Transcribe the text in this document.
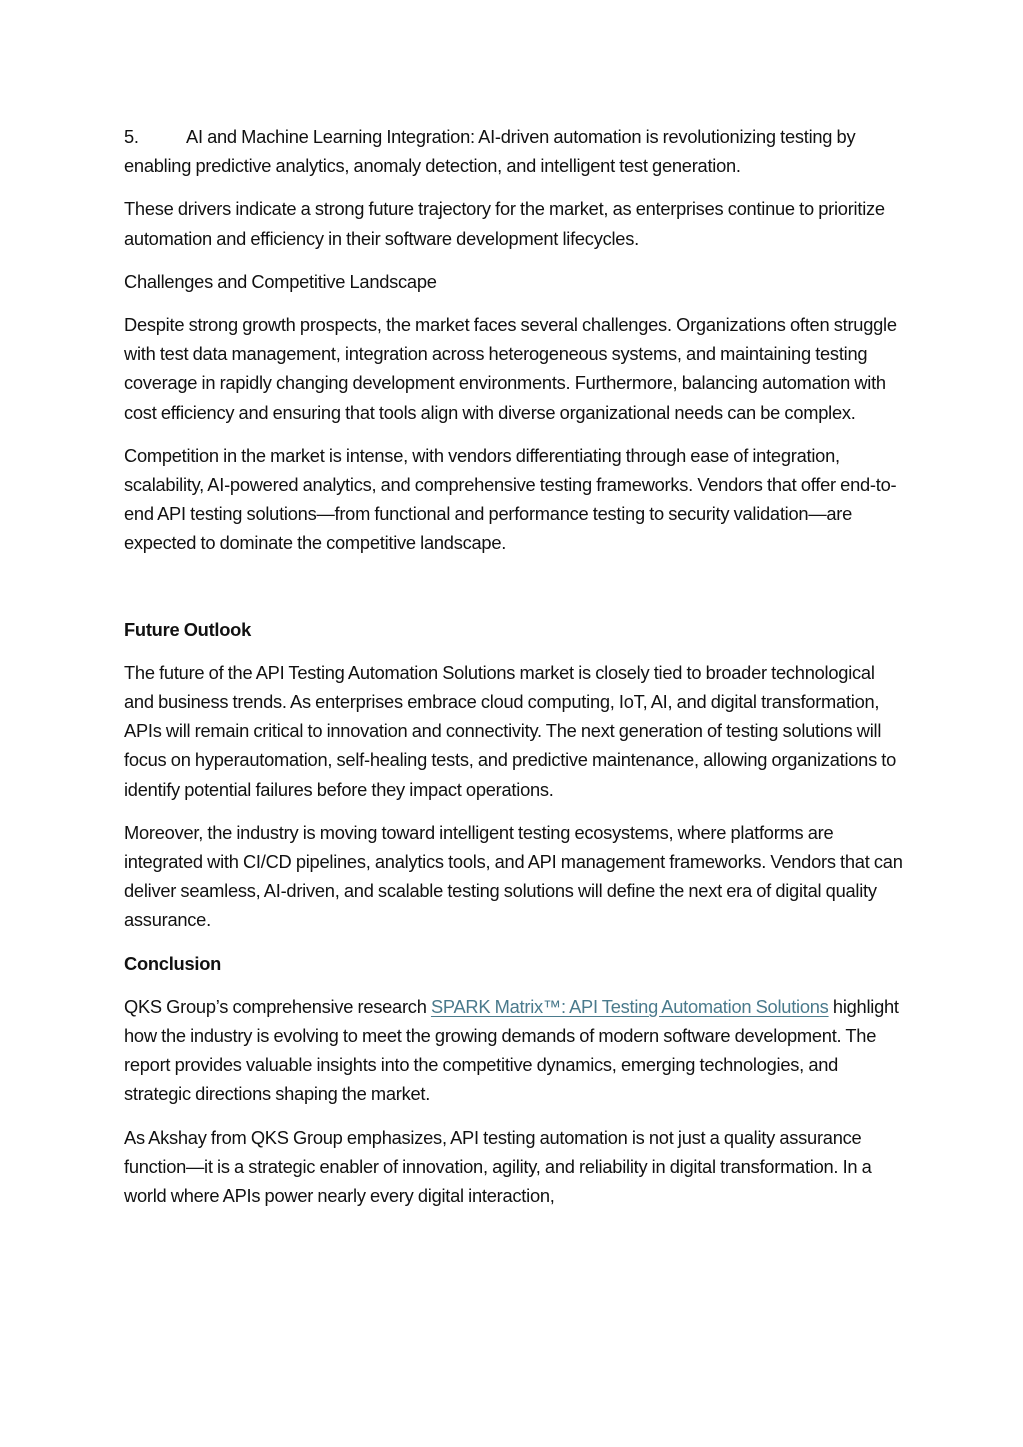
5.	AI and Machine Learning Integration: AI-driven automation is revolutionizing testing by enabling predictive analytics, anomaly detection, and intelligent test generation.

These drivers indicate a strong future trajectory for the market, as enterprises continue to prioritize automation and efficiency in their software development lifecycles.

Challenges and Competitive Landscape

Despite strong growth prospects, the market faces several challenges. Organizations often struggle with test data management, integration across heterogeneous systems, and maintaining testing coverage in rapidly changing development environments. Furthermore, balancing automation with cost efficiency and ensuring that tools align with diverse organizational needs can be complex.

Competition in the market is intense, with vendors differentiating through ease of integration, scalability, AI-powered analytics, and comprehensive testing frameworks. Vendors that offer end-to-end API testing solutions—from functional and performance testing to security validation—are expected to dominate the competitive landscape.

Future Outlook

The future of the API Testing Automation Solutions market is closely tied to broader technological and business trends. As enterprises embrace cloud computing, IoT, AI, and digital transformation, APIs will remain critical to innovation and connectivity. The next generation of testing solutions will focus on hyperautomation, self-healing tests, and predictive maintenance, allowing organizations to identify potential failures before they impact operations.

Moreover, the industry is moving toward intelligent testing ecosystems, where platforms are integrated with CI/CD pipelines, analytics tools, and API management frameworks. Vendors that can deliver seamless, AI-driven, and scalable testing solutions will define the next era of digital quality assurance.

Conclusion

QKS Group’s comprehensive research SPARK Matrix™: API Testing Automation Solutions highlight how the industry is evolving to meet the growing demands of modern software development. The report provides valuable insights into the competitive dynamics, emerging technologies, and strategic directions shaping the market.

As Akshay from QKS Group emphasizes, API testing automation is not just a quality assurance function—it is a strategic enabler of innovation, agility, and reliability in digital transformation. In a world where APIs power nearly every digital interaction,
